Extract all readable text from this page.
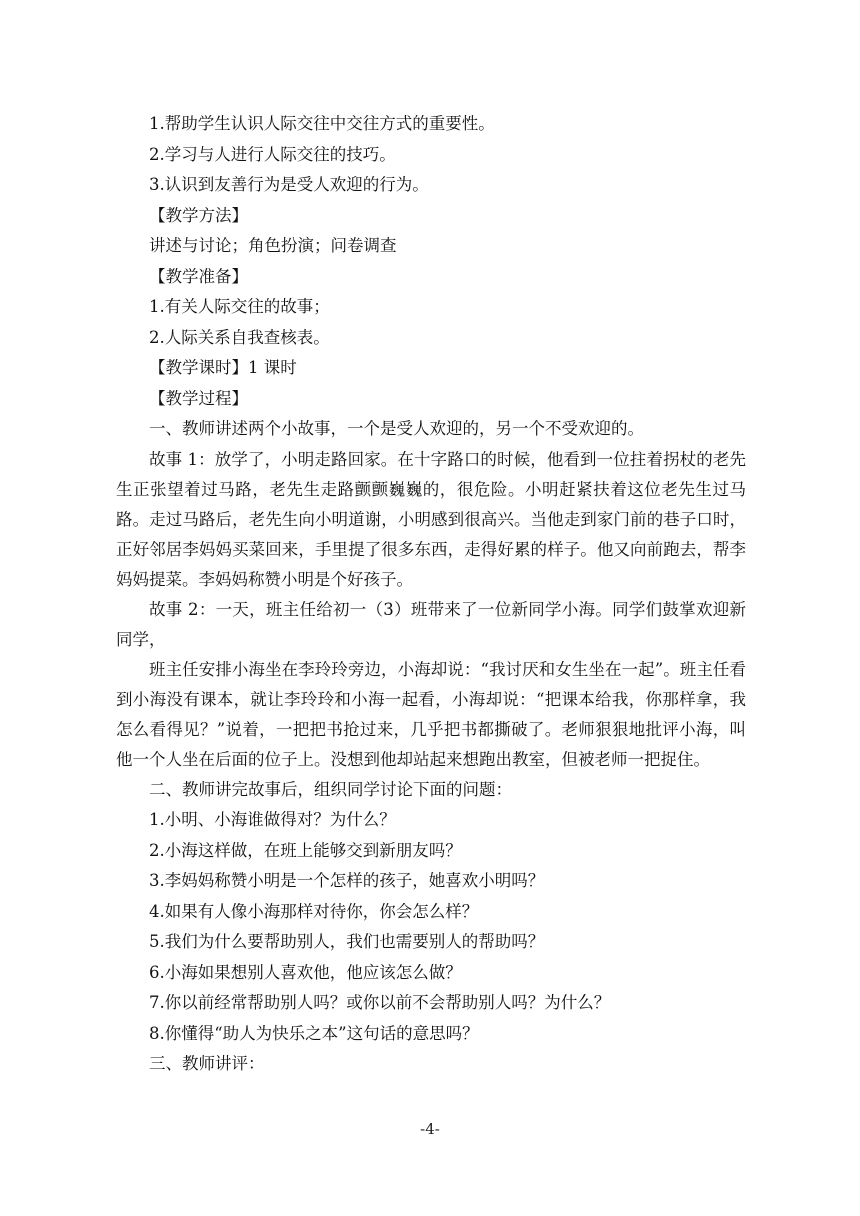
1.帮助学生认识人际交往中交往方式的重要性。

2.学习与人进行人际交往的技巧。

3.认识到友善行为是受人欢迎的行为。

【教学方法】

讲述与讨论；角色扮演；问卷调查

【教学准备】

1.有关人际交往的故事；

2.人际关系自我查核表。

【教学课时】1 课时

【教学过程】

一、教师讲述两个小故事，一个是受人欢迎的，另一个不受欢迎的。

故事 1：放学了，小明走路回家。在十字路口的时候，他看到一位拄着拐杖的老先生正张望着过马路，老先生走路颤颤巍巍的，很危险。小明赶紧扶着这位老先生过马路。走过马路后，老先生向小明道谢，小明感到很高兴。当他走到家门前的巷子口时，正好邻居李妈妈买菜回来，手里提了很多东西，走得好累的样子。他又向前跑去，帮李妈妈提菜。李妈妈称赞小明是个好孩子。

故事 2：一天，班主任给初一（3）班带来了一位新同学小海。同学们鼓掌欢迎新同学，

班主任安排小海坐在李玲玲旁边，小海却说：“我讨厌和女生坐在一起”。班主任看到小海没有课本，就让李玲玲和小海一起看，小海却说：“把课本给我，你那样拿，我怎么看得见？”说着，一把把书抢过来，几乎把书都撕破了。老师狠狠地批评小海，叫他一个人坐在后面的位子上。没想到他却站起来想跑出教室，但被老师一把捉住。

二、教师讲完故事后，组织同学讨论下面的问题：

1.小明、小海谁做得对？为什么？

2.小海这样做，在班上能够交到新朋友吗？

3.李妈妈称赞小明是一个怎样的孩子，她喜欢小明吗？

4.如果有人像小海那样对待你，你会怎么样？

5.我们为什么要帮助别人，我们也需要别人的帮助吗？

6.小海如果想别人喜欢他，他应该怎么做？

7.你以前经常帮助别人吗？或你以前不会帮助别人吗？为什么？

8.你懂得“助人为快乐之本”这句话的意思吗？

三、教师讲评：

-4-
